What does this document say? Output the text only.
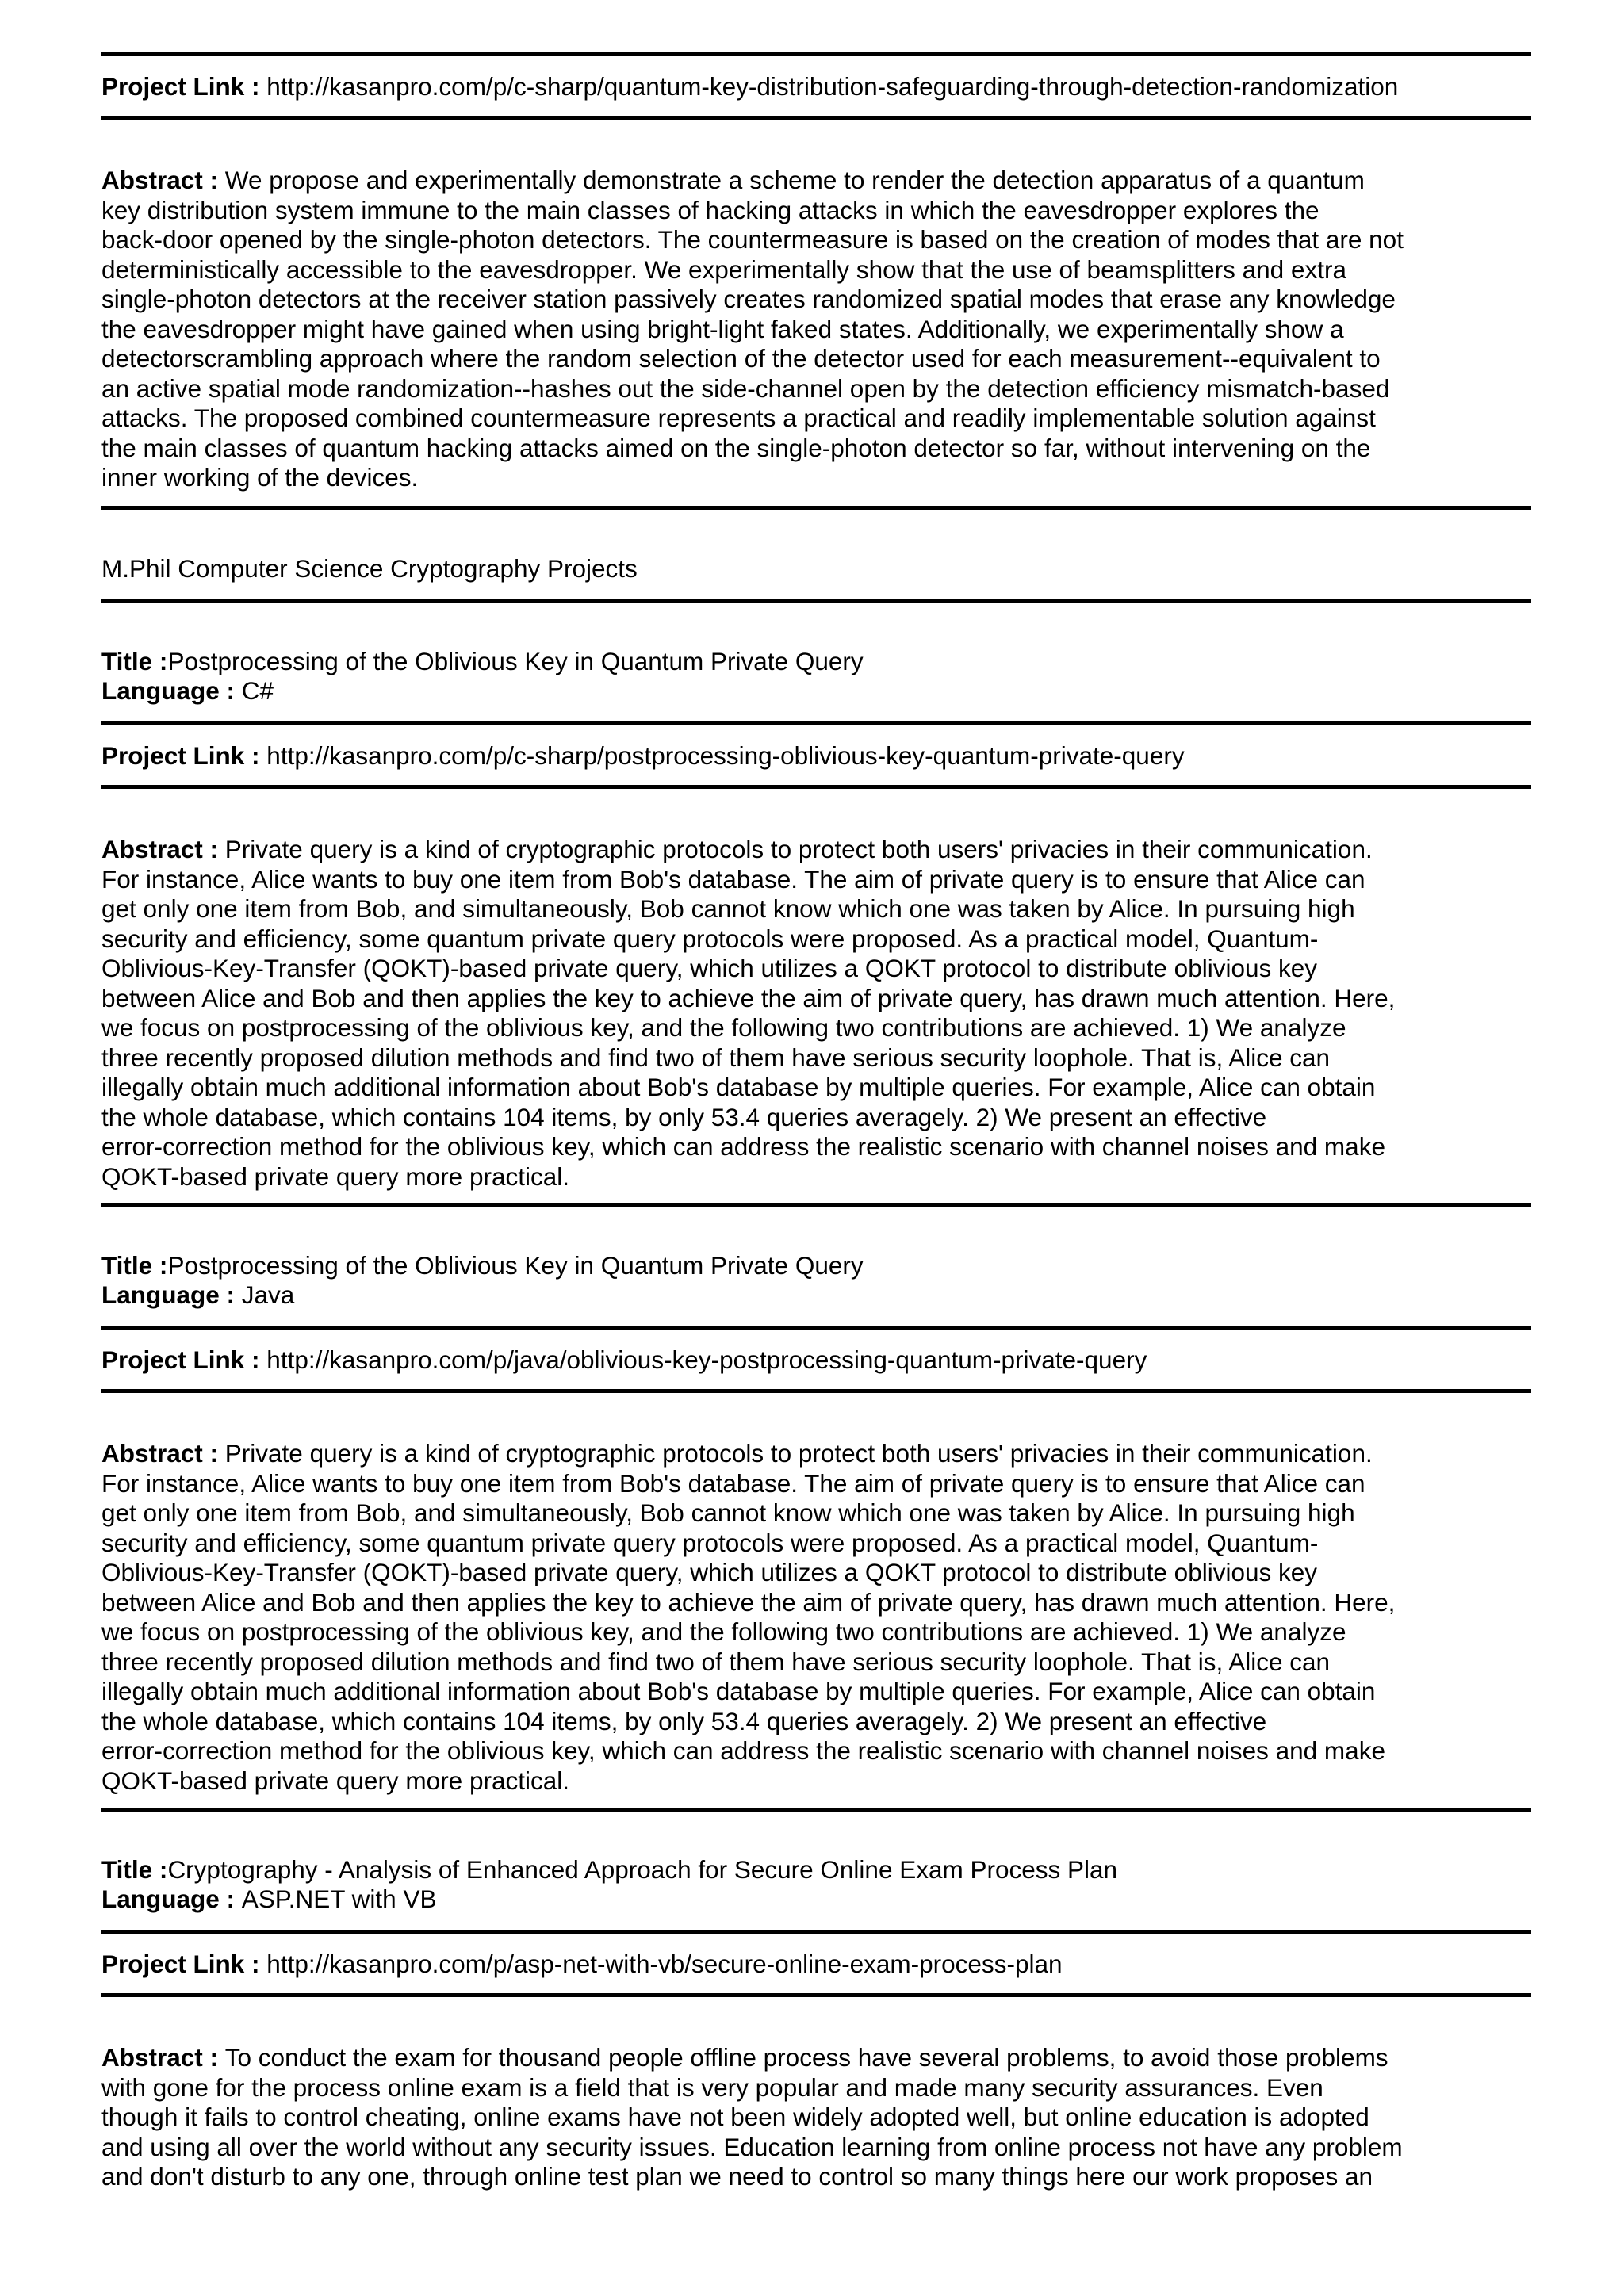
Project Link : http://kasanpro.com/p/c-sharp/quantum-key-distribution-safeguarding-through-detection-randomization
Abstract : We propose and experimentally demonstrate a scheme to render the detection apparatus of a quantum
key distribution system immune to the main classes of hacking attacks in which the eavesdropper explores the
back-door opened by the single-photon detectors. The countermeasure is based on the creation of modes that are not
deterministically accessible to the eavesdropper. We experimentally show that the use of beamsplitters and extra
single-photon detectors at the receiver station passively creates randomized spatial modes that erase any knowledge
the eavesdropper might have gained when using bright-light faked states. Additionally, we experimentally show a
detectorscrambling approach where the random selection of the detector used for each measurement--equivalent to
an active spatial mode randomization--hashes out the side-channel open by the detection efficiency mismatch-based
attacks. The proposed combined countermeasure represents a practical and readily implementable solution against
the main classes of quantum hacking attacks aimed on the single-photon detector so far, without intervening on the
inner working of the devices.
M.Phil Computer Science Cryptography Projects
Title :Postprocessing of the Oblivious Key in Quantum Private Query
Language : C#
Project Link : http://kasanpro.com/p/c-sharp/postprocessing-oblivious-key-quantum-private-query
Abstract : Private query is a kind of cryptographic protocols to protect both users' privacies in their communication.
For instance, Alice wants to buy one item from Bob's database. The aim of private query is to ensure that Alice can
get only one item from Bob, and simultaneously, Bob cannot know which one was taken by Alice. In pursuing high
security and efficiency, some quantum private query protocols were proposed. As a practical model, Quantum-
Oblivious-Key-Transfer (QOKT)-based private query, which utilizes a QOKT protocol to distribute oblivious key
between Alice and Bob and then applies the key to achieve the aim of private query, has drawn much attention. Here,
we focus on postprocessing of the oblivious key, and the following two contributions are achieved. 1) We analyze
three recently proposed dilution methods and find two of them have serious security loophole. That is, Alice can
illegally obtain much additional information about Bob's database by multiple queries. For example, Alice can obtain
the whole database, which contains 104 items, by only 53.4 queries averagely. 2) We present an effective
error-correction method for the oblivious key, which can address the realistic scenario with channel noises and make
QOKT-based private query more practical.
Title :Postprocessing of the Oblivious Key in Quantum Private Query
Language : Java
Project Link : http://kasanpro.com/p/java/oblivious-key-postprocessing-quantum-private-query
Abstract : Private query is a kind of cryptographic protocols to protect both users' privacies in their communication.
For instance, Alice wants to buy one item from Bob's database. The aim of private query is to ensure that Alice can
get only one item from Bob, and simultaneously, Bob cannot know which one was taken by Alice. In pursuing high
security and efficiency, some quantum private query protocols were proposed. As a practical model, Quantum-
Oblivious-Key-Transfer (QOKT)-based private query, which utilizes a QOKT protocol to distribute oblivious key
between Alice and Bob and then applies the key to achieve the aim of private query, has drawn much attention. Here,
we focus on postprocessing of the oblivious key, and the following two contributions are achieved. 1) We analyze
three recently proposed dilution methods and find two of them have serious security loophole. That is, Alice can
illegally obtain much additional information about Bob's database by multiple queries. For example, Alice can obtain
the whole database, which contains 104 items, by only 53.4 queries averagely. 2) We present an effective
error-correction method for the oblivious key, which can address the realistic scenario with channel noises and make
QOKT-based private query more practical.
Title :Cryptography - Analysis of Enhanced Approach for Secure Online Exam Process Plan
Language : ASP.NET with VB
Project Link : http://kasanpro.com/p/asp-net-with-vb/secure-online-exam-process-plan
Abstract : To conduct the exam for thousand people offline process have several problems, to avoid those problems
with gone for the process online exam is a field that is very popular and made many security assurances. Even
though it fails to control cheating, online exams have not been widely adopted well, but online education is adopted
and using all over the world without any security issues. Education learning from online process not have any problem
and don't disturb to any one, through online test plan we need to control so many things here our work proposes an
